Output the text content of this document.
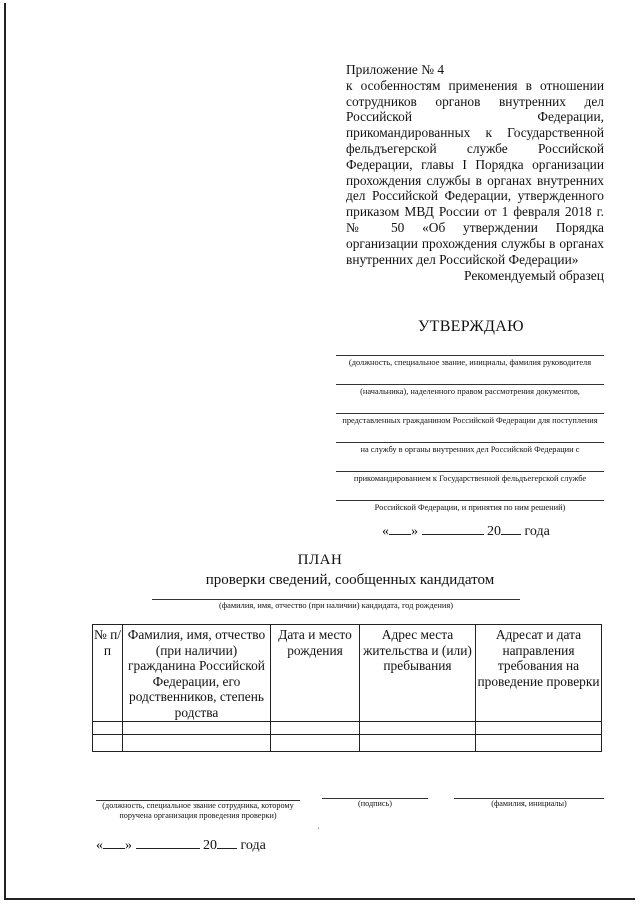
Приложение № 4
к особенностям применения в отношении сотрудников органов внутренних дел Российской Федерации, прикомандированных к Государственной фельдъегерской службе Российской Федерации, главы I Порядка организации прохождения службы в органах внутренних дел Российской Федерации, утвержденного приказом МВД России от 1 февраля 2018 г. № 50 «Об утверждении Порядка организации прохождения службы в органах внутренних дел Российской Федерации»
Рекомендуемый образец
УТВЕРЖДАЮ
(должность, специальное звание, инициалы, фамилия руководителя
(начальника), наделенного правом рассмотрения документов,
представленных гражданином Российской Федерации для поступления
на службу в органы внутренних дел Российской Федерации с
прикомандированием к Государственной фельдъегерской службе
Российской Федерации, и принятия по ним решений)
« »	20 года
ПЛАН
проверки сведений, сообщенных кандидатом
(фамилия, имя, отчество (при наличии) кандидата, год рождения)
№ п/п	Фамилия, имя, отчество (при наличии) гражданина Российской Федерации, его родственников, степень родства	Дата и место рождения	Адрес места жительства и (или) пребывания	Адресат и дата направления требования на проведение проверки

(должность, специальное звание сотрудника, которому поручена организация проведения проверки)
(подпись)	(фамилия, инициалы)
'
« »	20 года
